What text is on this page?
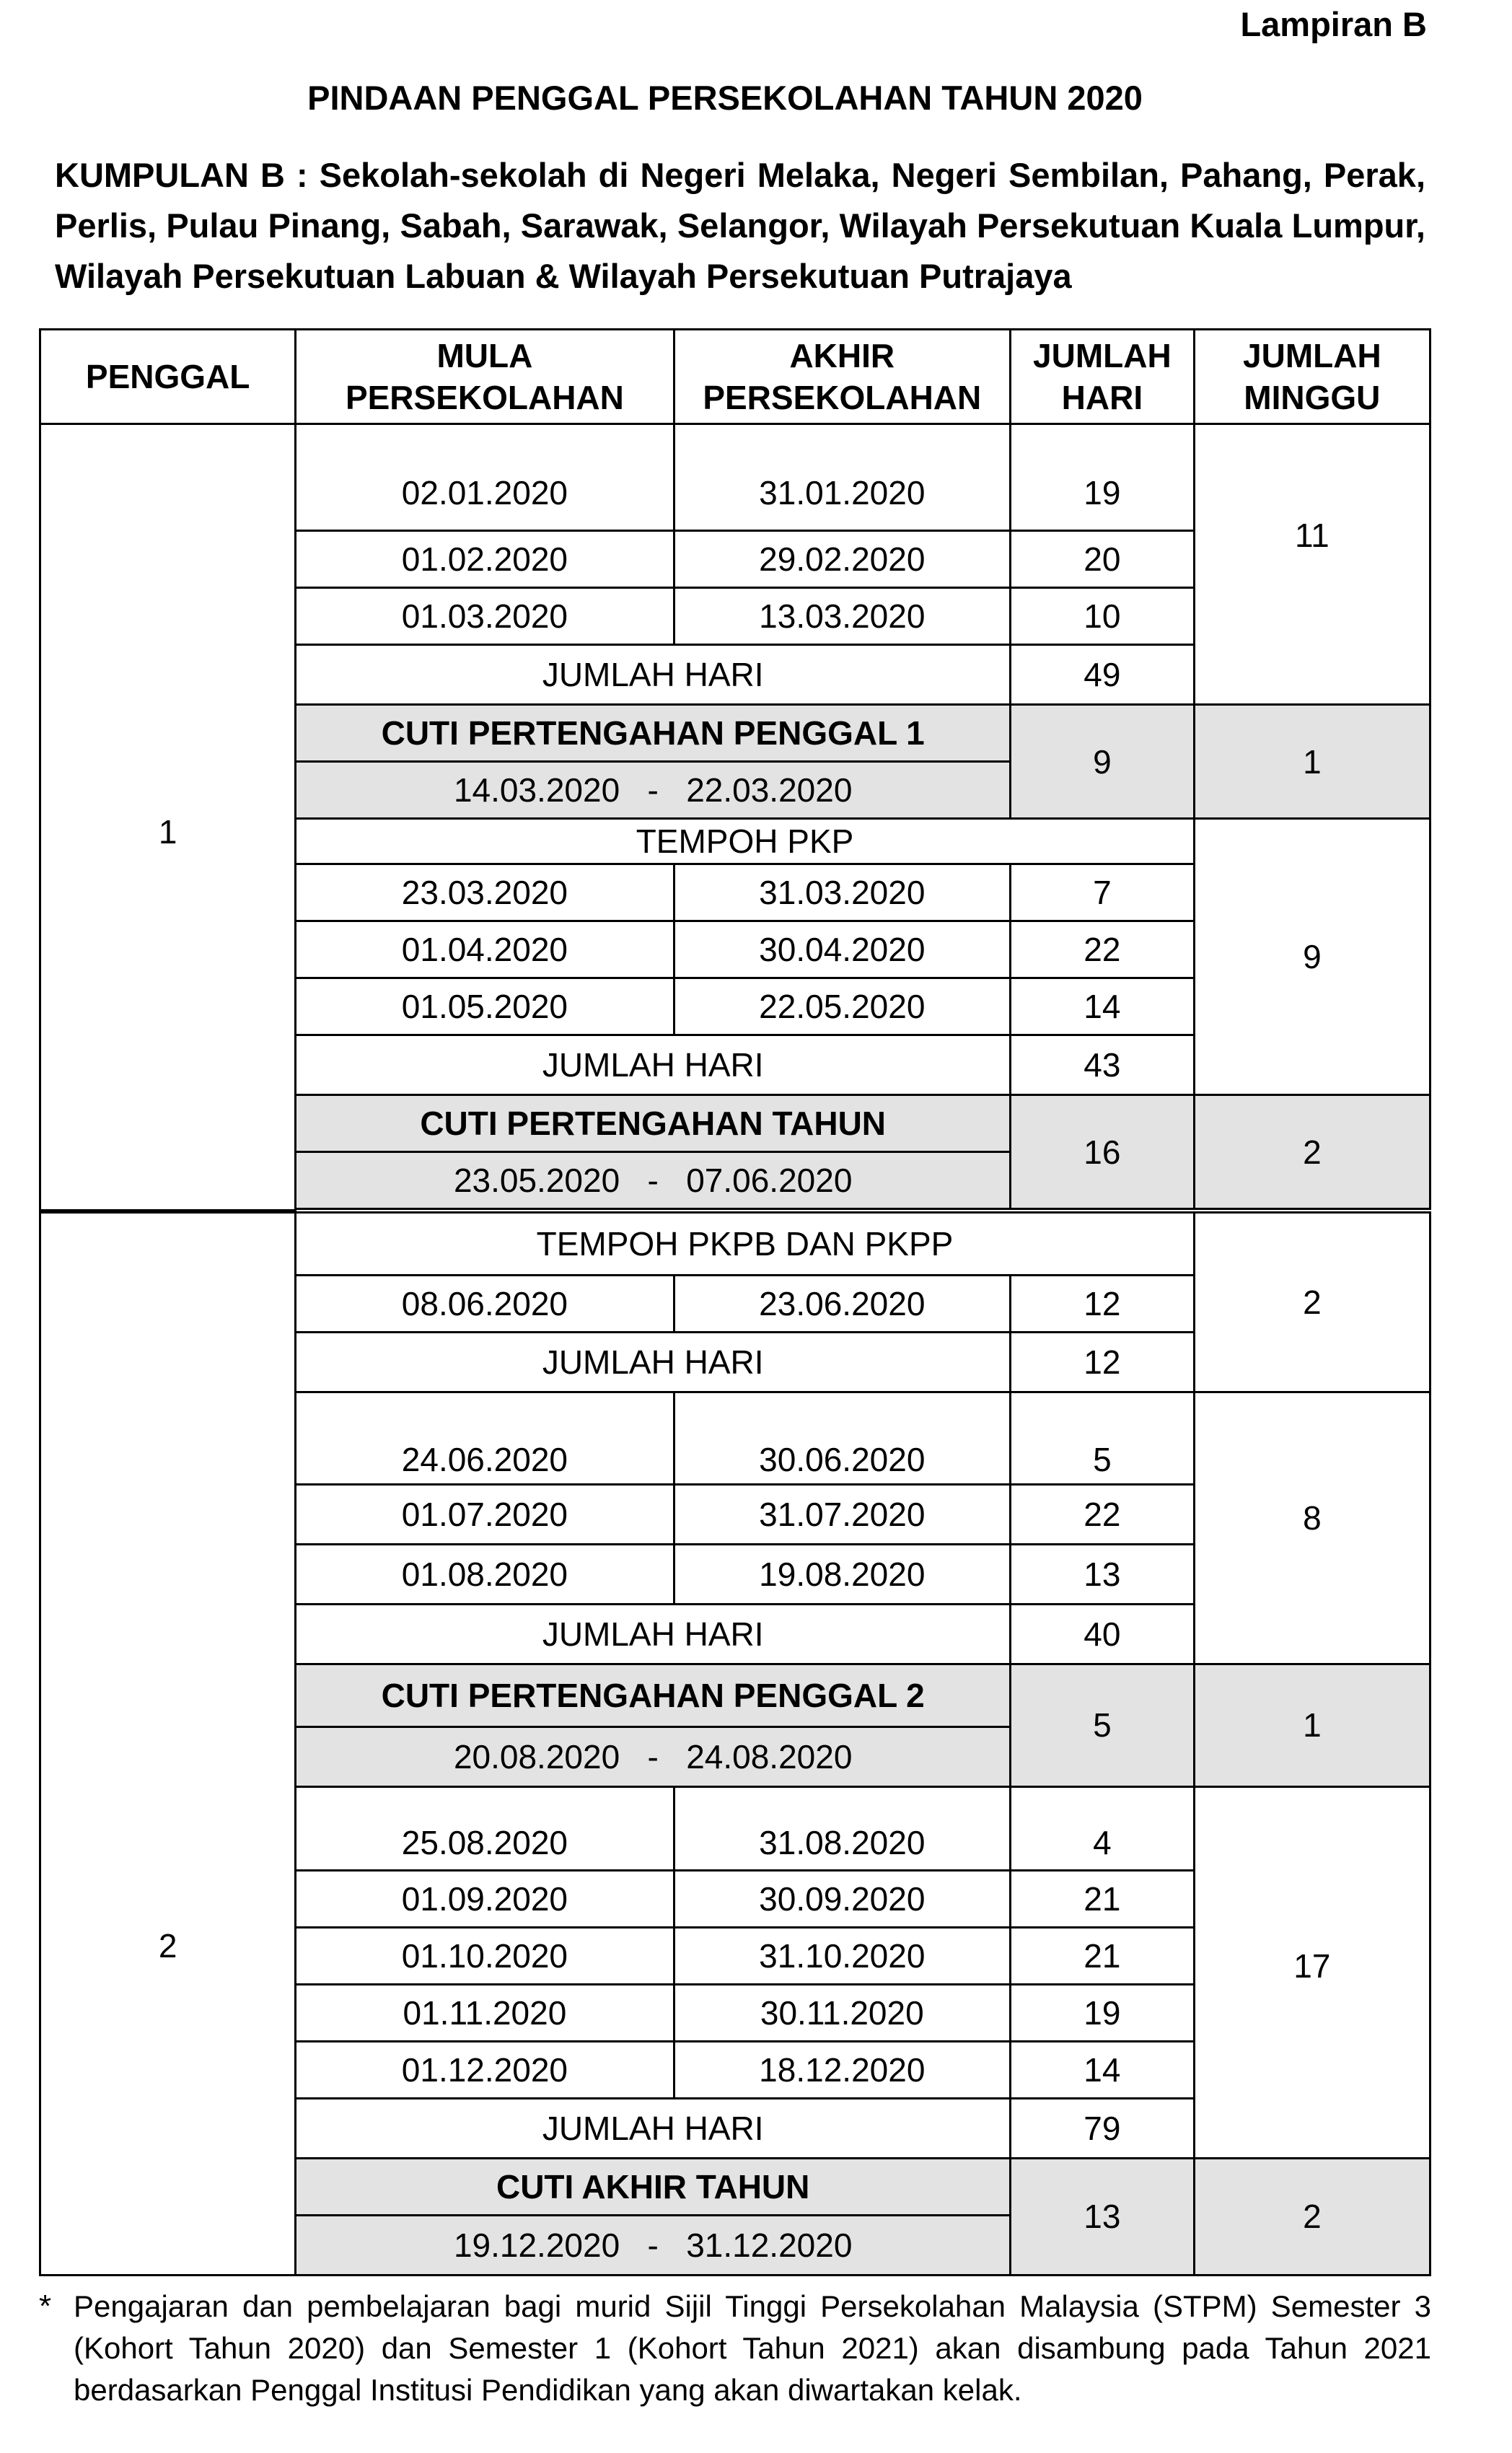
Lampiran B
PINDAAN PENGGAL PERSEKOLAHAN TAHUN 2020
KUMPULAN B : Sekolah-sekolah di Negeri Melaka, Negeri Sembilan, Pahang, Perak, Perlis, Pulau Pinang, Sabah, Sarawak, Selangor, Wilayah Persekutuan Kuala Lumpur, Wilayah Persekutuan Labuan & Wilayah Persekutuan Putrajaya
PENGGAL	MULA PERSEKOLAHAN	AKHIR PERSEKOLAHAN	JUMLAH HARI	JUMLAH MINGGU
1	02.01.2020	31.01.2020	19	11
	01.02.2020	29.02.2020	20	
	01.03.2020	13.03.2020	10	
	JUMLAH HARI		49	
	CUTI PERTENGAHAN PENGGAL 1		9	1
	14.03.2020 - 22.03.2020			
	TEMPOH PKP			9
	23.03.2020	31.03.2020	7	
	01.04.2020	30.04.2020	22	
	01.05.2020	22.05.2020	14	
	JUMLAH HARI		43	
	CUTI PERTENGAHAN TAHUN		16	2
	23.05.2020 - 07.06.2020			

2	TEMPOH PKPB DAN PKPP			2
	08.06.2020	23.06.2020	12	
	JUMLAH HARI		12	
	24.06.2020	30.06.2020	5	8
	01.07.2020	31.07.2020	22	
	01.08.2020	19.08.2020	13	
	JUMLAH HARI		40	
	CUTI PERTENGAHAN PENGGAL 2		5	1
	20.08.2020 - 24.08.2020			
	25.08.2020	31.08.2020	4	17
	01.09.2020	30.09.2020	21	
	01.10.2020	31.10.2020	21	
	01.11.2020	30.11.2020	19	
	01.12.2020	18.12.2020	14	
	JUMLAH HARI		79	
	CUTI AKHIR TAHUN		13	2
	19.12.2020 - 31.12.2020			
* Pengajaran dan pembelajaran bagi murid Sijil Tinggi Persekolahan Malaysia (STPM) Semester 3 (Kohort Tahun 2020) dan Semester 1 (Kohort Tahun 2021) akan disambung pada Tahun 2021 berdasarkan Penggal Institusi Pendidikan yang akan diwartakan kelak.
